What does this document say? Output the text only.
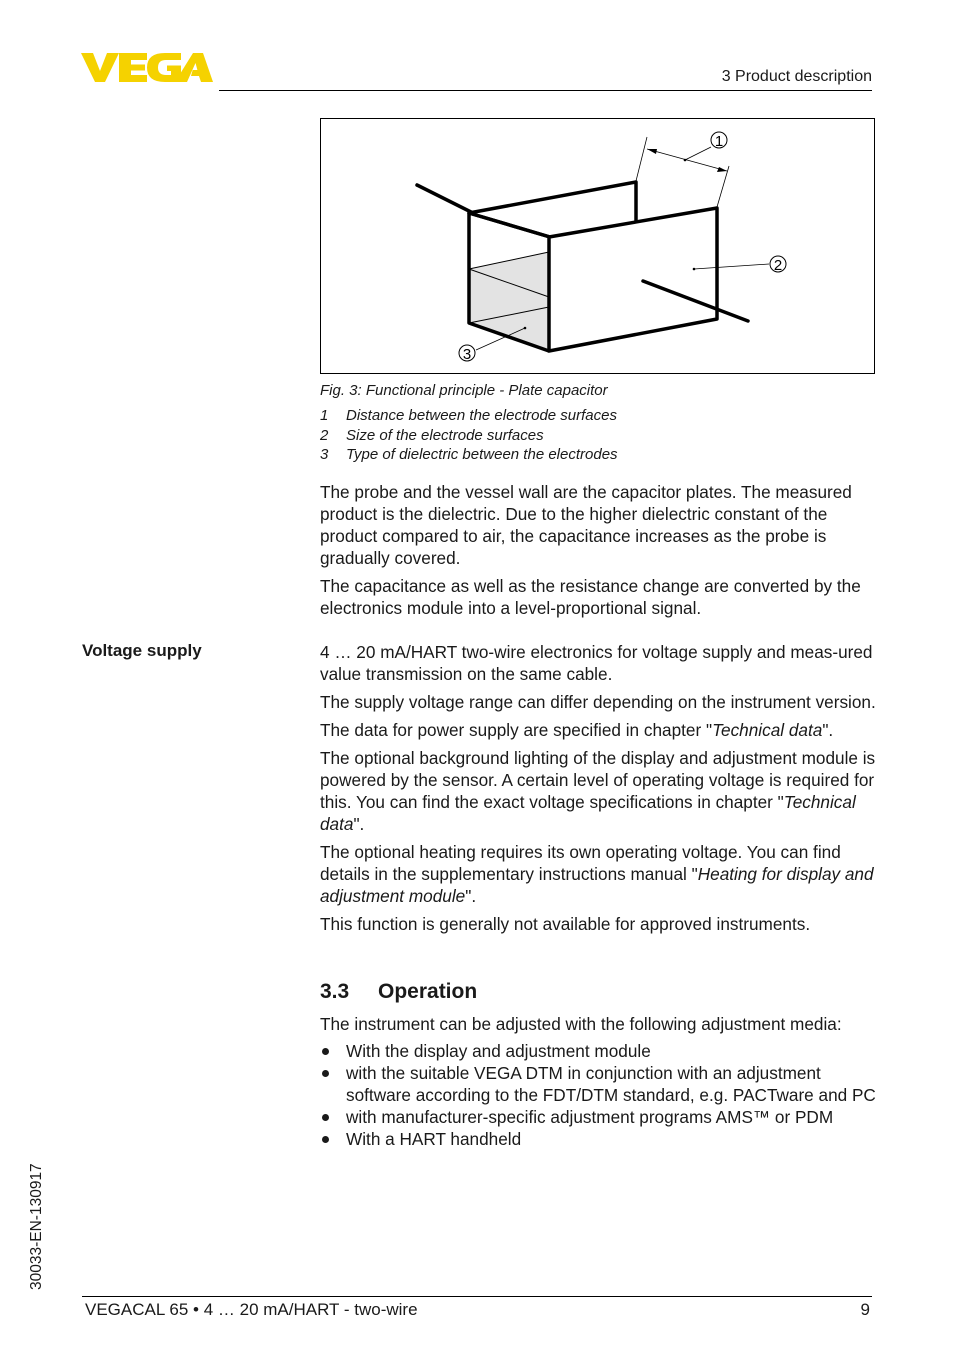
3 Product description
1
2
3
Fig. 3: Functional principle - Plate capacitor
1 Distance between the electrode surfaces
2 Size of the electrode surfaces
3 Type of dielectric between the electrodes

The probe and the vessel wall are the capacitor plates. The measured product is the dielectric. Due to the higher dielectric constant of the product compared to air, the capacitance increases as the probe is gradually covered.

The capacitance as well as the resistance change are converted by the electronics module into a level-proportional signal.

Voltage supply	4 … 20 mA/HART two-wire electronics for voltage supply and meas-ured value transmission on the same cable.

The supply voltage range can differ depending on the instrument version.

The data for power supply are specified in chapter "Technical data".

The optional background lighting of the display and adjustment module is powered by the sensor. A certain level of operating voltage is required for this. You can find the exact voltage specifications in chapter "Technical data".

The optional heating requires its own operating voltage. You can find details in the supplementary instructions manual "Heating for display and adjustment module".

This function is generally not available for approved instruments.

3.3 Operation

The instrument can be adjusted with the following adjustment media:

With the display and adjustment module
with the suitable VEGA DTM in conjunction with an adjustment software according to the FDT/DTM standard, e.g. PACTware and PC
with manufacturer-specific adjustment programs AMS™ or PDM
With a HART handheld
30033-EN-130917
VEGACAL 65 • 4 … 20 mA/HART - two-wire	9
